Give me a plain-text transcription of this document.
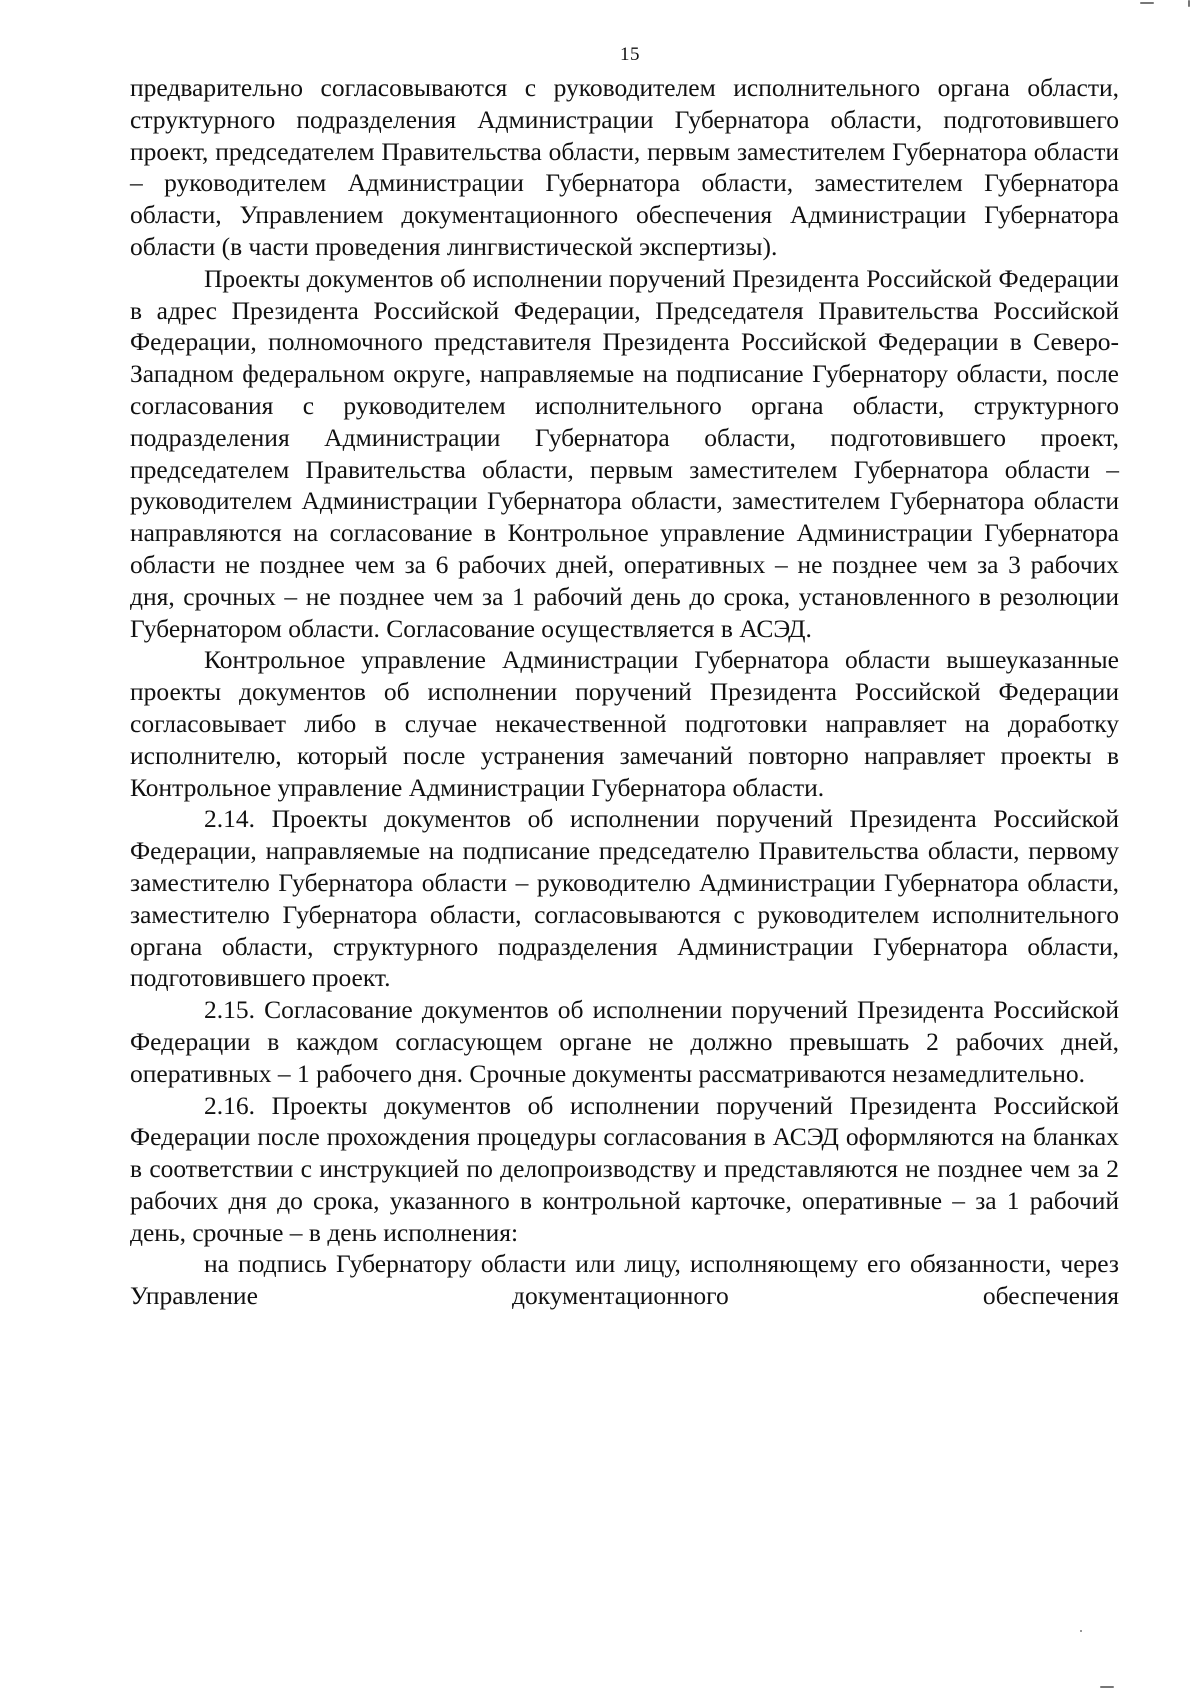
15

предварительно согласовываются с руководителем исполнительного органа области, структурного подразделения Администрации Губернатора области, подготовившего проект, председателем Правительства области, первым заместителем Губернатора области – руководителем Администрации Губернатора области, заместителем Губернатора области, Управлением документационного обеспечения Администрации Губернатора области (в части проведения лингвистической экспертизы).

Проекты документов об исполнении поручений Президента Российской Федерации в адрес Президента Российской Федерации, Председателя Правительства Российской Федерации, полномочного представителя Президента Российской Федерации в Северо-Западном федеральном округе, направляемые на подписание Губернатору области, после согласования с руководителем исполнительного органа области, структурного подразделения Администрации Губернатора области, подготовившего проект, председателем Правительства области, первым заместителем Губернатора области – руководителем Администрации Губернатора области, заместителем Губернатора области направляются на согласование в Контрольное управление Администрации Губернатора области не позднее чем за 6 рабочих дней, оперативных – не позднее чем за 3 рабочих дня, срочных – не позднее чем за 1 рабочий день до срока, установленного в резолюции Губернатором области. Согласование осуществляется в АСЭД.

Контрольное управление Администрации Губернатора области вышеуказанные проекты документов об исполнении поручений Президента Российской Федерации согласовывает либо в случае некачественной подготовки направляет на доработку исполнителю, который после устранения замечаний повторно направляет проекты в Контрольное управление Администрации Губернатора области.

2.14. Проекты документов об исполнении поручений Президента Российской Федерации, направляемые на подписание председателю Правительства области, первому заместителю Губернатора области – руководителю Администрации Губернатора области, заместителю Губернатора области, согласовываются с руководителем исполнительного органа области, структурного подразделения Администрации Губернатора области, подготовившего проект.

2.15. Согласование документов об исполнении поручений Президента Российской Федерации в каждом согласующем органе не должно превышать 2 рабочих дней, оперативных – 1 рабочего дня. Срочные документы рассматриваются незамедлительно.

2.16. Проекты документов об исполнении поручений Президента Российской Федерации после прохождения процедуры согласования в АСЭД оформляются на бланках в соответствии с инструкцией по делопроизводству и представляются не позднее чем за 2 рабочих дня до срока, указанного в контрольной карточке, оперативные – за 1 рабочий день, срочные – в день исполнения:

на подпись Губернатору области или лицу, исполняющему его обязанности, через Управление документационного обеспечения
